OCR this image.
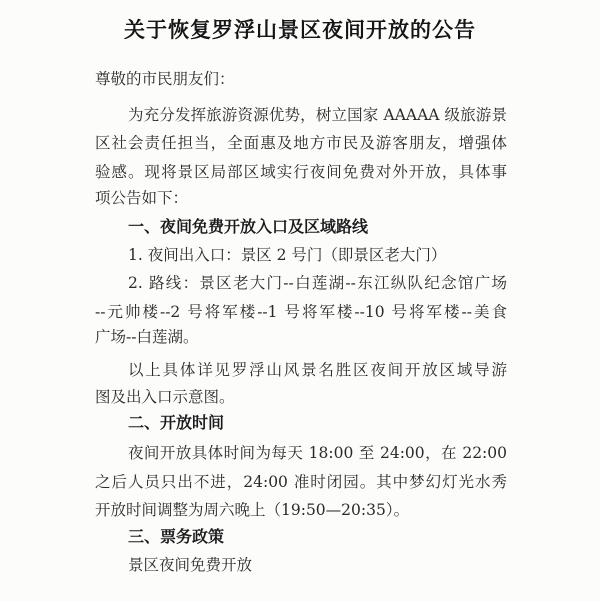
关于恢复罗浮山景区夜间开放的公告
尊敬的市民朋友们：
为充分发挥旅游资源优势，树立国家 AAAAA 级旅游景
区社会责任担当，全面惠及地方市民及游客朋友，增强体
验感。现将景区局部区域实行夜间免费对外开放，具体事
项公告如下：
一、夜间免费开放入口及区域路线
1. 夜间出入口：景区 2 号门（即景区老大门）
2. 路线：景区老大门--白莲湖--东江纵队纪念馆广场
--元帅楼--2 号将军楼--1 号将军楼--10 号将军楼--美食
广场--白莲湖。
以上具体详见罗浮山风景名胜区夜间开放区域导游
图及出入口示意图。
二、开放时间
夜间开放具体时间为每天 18:00 至 24:00，在 22:00
之后人员只出不进，24:00 准时闭园。其中梦幻灯光水秀
开放时间调整为周六晚上（19:50—20:35）。
三、票务政策
景区夜间免费开放
